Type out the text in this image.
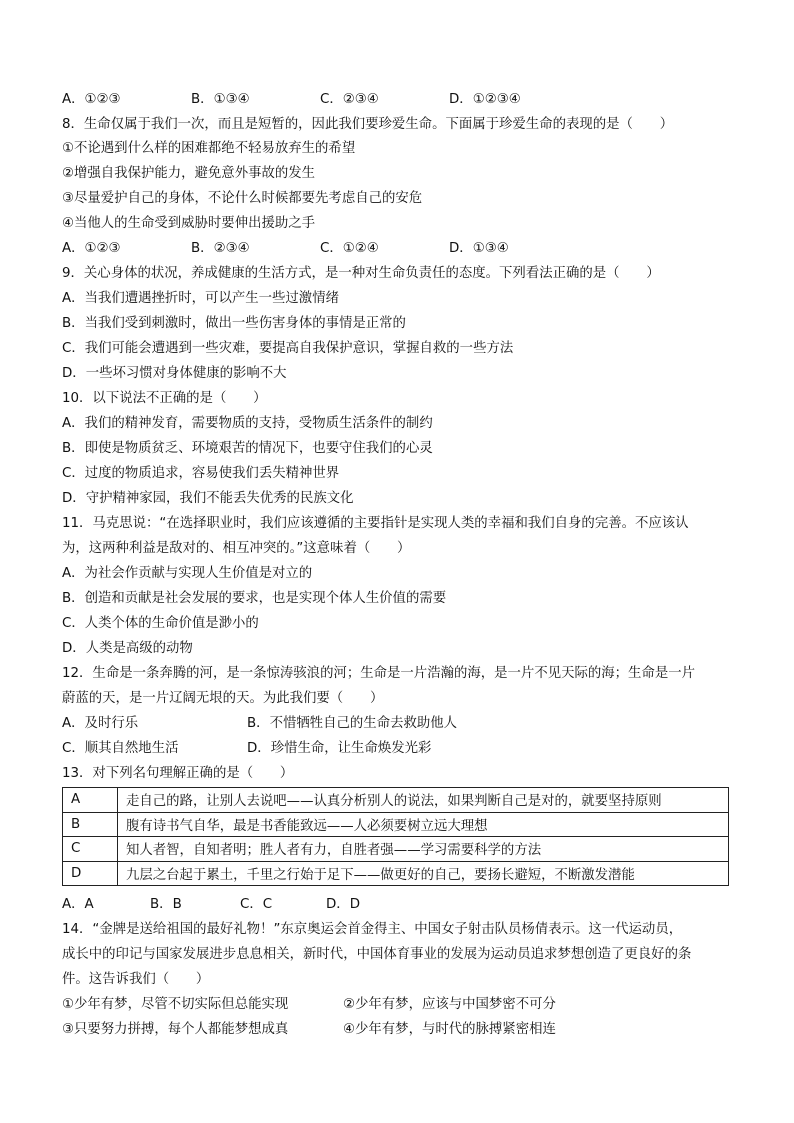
A．①②③	B．①③④	C．②③④	D．①②③④
8．生命仅属于我们一次，而且是短暂的，因此我们要珍爱生命。下面属于珍爱生命的表现的是（　　）
①不论遇到什么样的困难都绝不轻易放弃生的希望
②增强自我保护能力，避免意外事故的发生
③尽量爱护自己的身体，不论什么时候都要先考虑自己的安危
④当他人的生命受到威胁时要伸出援助之手
A．①②③	B．②③④	C．①②④	D．①③④
9．关心身体的状况，养成健康的生活方式，是一种对生命负责任的态度。下列看法正确的是（　　）
A．当我们遭遇挫折时，可以产生一些过激情绪
B．当我们受到刺激时，做出一些伤害身体的事情是正常的
C．我们可能会遭遇到一些灾难，要提高自我保护意识，掌握自救的一些方法
D．一些坏习惯对身体健康的影响不大
10．以下说法不正确的是（　　）
A．我们的精神发育，需要物质的支持，受物质生活条件的制约
B．即使是物质贫乏、环境艰苦的情况下，也要守住我们的心灵
C．过度的物质追求，容易使我们丢失精神世界
D．守护精神家园，我们不能丢失优秀的民族文化
11．马克思说：“在选择职业时，我们应该遵循的主要指针是实现人类的幸福和我们自身的完善。不应该认
为，这两种利益是敌对的、相互冲突的。”这意味着（　　）
A．为社会作贡献与实现人生价值是对立的
B．创造和贡献是社会发展的要求，也是实现个体人生价值的需要
C．人类个体的生命价值是渺小的
D．人类是高级的动物
12．生命是一条奔腾的河，是一条惊涛骇浪的河；生命是一片浩瀚的海，是一片不见天际的海；生命是一片
蔚蓝的天，是一片辽阔无垠的天。为此我们要（　　）
A．及时行乐	B．不惜牺牲自己的生命去救助他人
C．顺其自然地生活	D．珍惜生命，让生命焕发光彩
13．对下列名句理解正确的是（　　）
A	走自己的路，让别人去说吧——认真分析别人的说法，如果判断自己是对的，就要坚持原则
B	腹有诗书气自华，最是书香能致远——人必须要树立远大理想
C	知人者智，自知者明；胜人者有力，自胜者强——学习需要科学的方法
D	九层之台起于累土，千里之行始于足下——做更好的自己，要扬长避短，不断激发潜能
A．A	B．B	C．C	D．D
14．“金牌是送给祖国的最好礼物！”东京奥运会首金得主、中国女子射击队员杨倩表示。这一代运动员，
成长中的印记与国家发展进步息息相关，新时代，中国体育事业的发展为运动员追求梦想创造了更良好的条
件。这告诉我们（　　）
①少年有梦，尽管不切实际但总能实现	②少年有梦，应该与中国梦密不可分
③只要努力拼搏，每个人都能梦想成真	④少年有梦，与时代的脉搏紧密相连
